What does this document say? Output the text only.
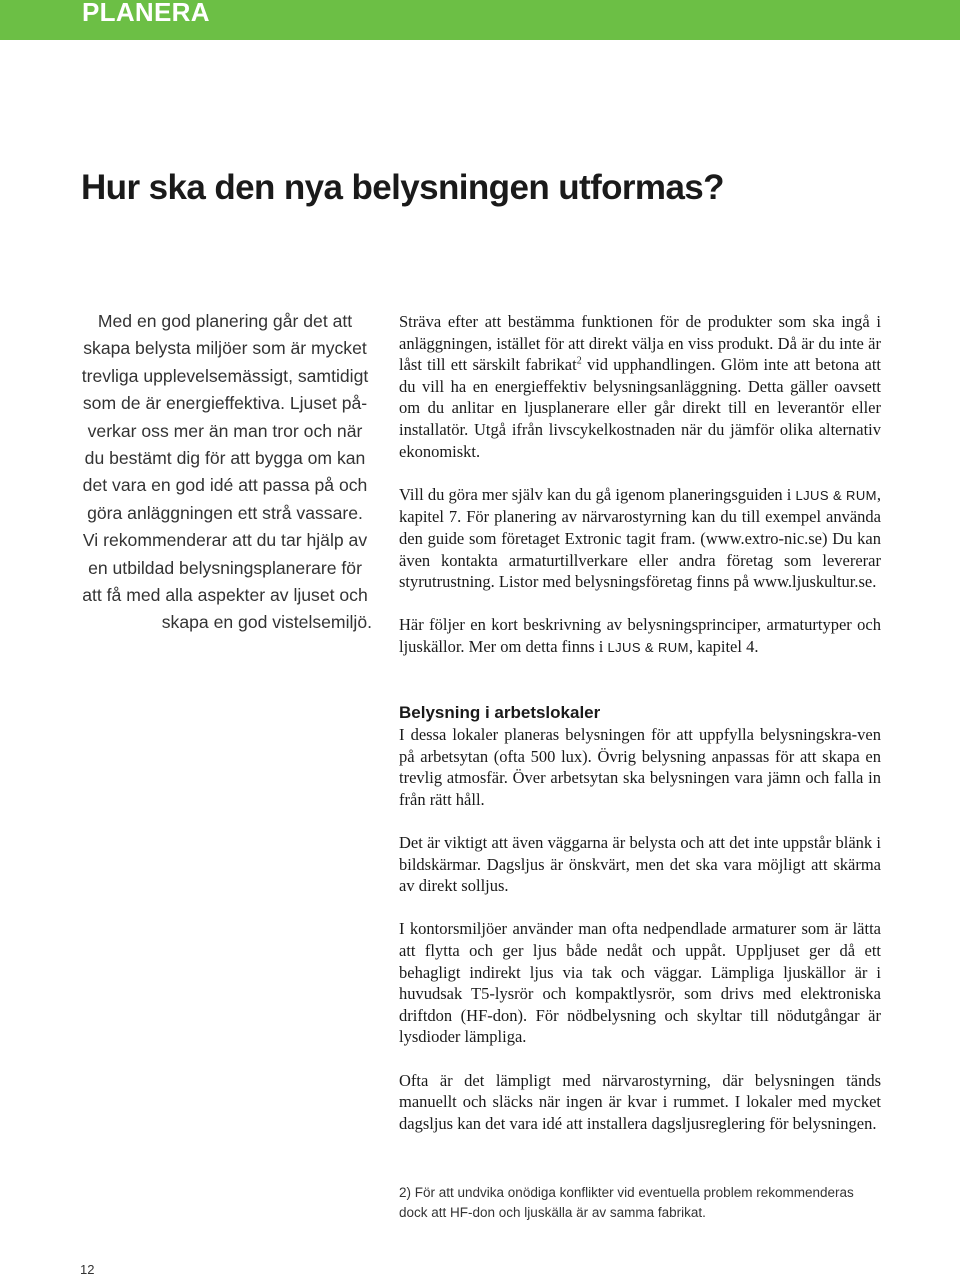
PLANERA
Hur ska den nya belysningen utformas?
Med en god planering går det att
skapa belysta miljöer som är mycket
trevliga upplevelsemässigt, samtidigt
som de är energieffektiva. Ljuset på-
verkar oss mer än man tror och när
du bestämt dig för att bygga om kan
det vara en god idé att passa på och
göra anläggningen ett strå vassare.
Vi rekommenderar att du tar hjälp av
en utbildad belysningsplanerare för
att få med alla aspekter av ljuset och
skapa en god vistelsemiljö.

Sträva efter att bestämma funktionen för de produkter som ska ingå i anläggningen, istället för att direkt välja en viss produkt. Då är du inte är låst till ett särskilt fabrikat$^2$ vid upphandlingen. Glöm inte att betona att du vill ha en energieffektiv belysningsanläggning. Detta gäller oavsett om du anlitar en ljusplanerare eller går direkt till en leverantör eller installatör. Utgå ifrån livscykelkostnaden när du jämför olika alternativ ekonomiskt.

Vill du göra mer själv kan du gå igenom planeringsguiden i LJUS & RUM, kapitel 7. För planering av närvarostyrning kan du till exempel använda den guide som företaget Extronic tagit fram. (www.extro-nic.se) Du kan även kontakta armaturtillverkare eller andra företag som levererar styrutrustning. Listor med belysningsföretag finns på www.ljuskultur.se.

Här följer en kort beskrivning av belysningsprinciper, armaturtyper och ljuskällor. Mer om detta finns i LJUS & RUM, kapitel 4.

Belysning i arbetslokaler

I dessa lokaler planeras belysningen för att uppfylla belysningskra-ven på arbetsytan (ofta 500 lux). Övrig belysning anpassas för att skapa en trevlig atmosfär. Över arbetsytan ska belysningen vara jämn och falla in från rätt håll.

Det är viktigt att även väggarna är belysta och att det inte uppstår blänk i bildskärmar. Dagsljus är önskvärt, men det ska vara möjligt att skärma av direkt solljus.

I kontorsmiljöer använder man ofta nedpendlade armaturer som är lätta att flytta och ger ljus både nedåt och uppåt. Uppljuset ger då ett behagligt indirekt ljus via tak och väggar. Lämpliga ljuskällor är i huvudsak T5-lysrör och kompaktlysrör, som drivs med elektroniska driftdon (HF-don). För nödbelysning och skyltar till nödutgångar är lysdioder lämpliga.

Ofta är det lämpligt med närvarostyrning, där belysningen tänds manuellt och släcks när ingen är kvar i rummet. I lokaler med mycket dagsljus kan det vara idé att installera dagsljusreglering för belysningen.

2) För att undvika onödiga konflikter vid eventuella problem rekommenderas
dock att HF-don och ljuskälla är av samma fabrikat.
12
